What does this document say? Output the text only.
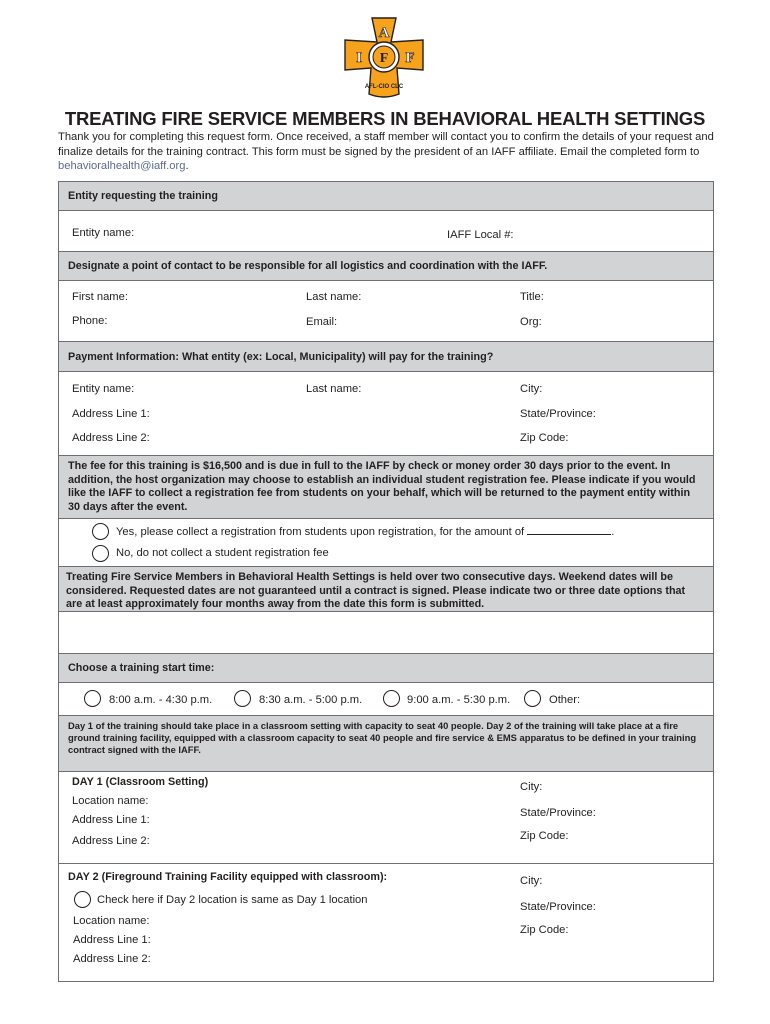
A
I F F
AFL-CIO CLC
TREATING FIRE SERVICE MEMBERS IN BEHAVIORAL HEALTH SETTINGS
Thank you for completing this request form. Once received, a staff member will contact you to confirm the details of your request and finalize details for the training contract. This form must be signed by the president of an IAFF affiliate. Email the completed form to behavioralhealth@iaff.org.
Entity requesting the training
Entity name:	IAFF Local #:
Designate a point of contact to be responsible for all logistics and coordination with the IAFF.
First name:	Last name:	Title:
Phone:	Email:	Org:
Payment Information: What entity (ex: Local, Municipality) will pay for the training?
Entity name:	Last name:	City:
Address Line 1:	State/Province:
Address Line 2:	Zip Code:
The fee for this training is $16,500 and is due in full to the IAFF by check or money order 30 days prior to the event. In addition, the host organization may choose to establish an individual student registration fee. Please indicate if you would like the IAFF to collect a registration fee from students on your behalf, which will be returned to the payment entity within 30 days after the event.
Yes, please collect a registration from students upon registration, for the amount of	.
No, do not collect a student registration fee
Treating Fire Service Members in Behavioral Health Settings is held over two consecutive days. Weekend dates will be considered. Requested dates are not guaranteed until a contract is signed. Please indicate two or three date options that are at least approximately four months away from the date this form is submitted.
Choose a training start time:
8:00 a.m. - 4:30 p.m.	8:30 a.m. - 5:00 p.m.	9:00 a.m. - 5:30 p.m.	Other:
Day 1 of the training should take place in a classroom setting with capacity to seat 40 people. Day 2 of the training will take place at a fire ground training facility, equipped with a classroom capacity to seat 40 people and fire service & EMS apparatus to be defined in your training contract signed with the IAFF.
DAY 1 (Classroom Setting)
Location name:
Address Line 1:
Address Line 2:
City:
State/Province:
Zip Code:
DAY 2 (Fireground Training Facility equipped with classroom):
Check here if Day 2 location is same as Day 1 location
Location name:
Address Line 1:
Address Line 2:
City:
State/Province:
Zip Code:
